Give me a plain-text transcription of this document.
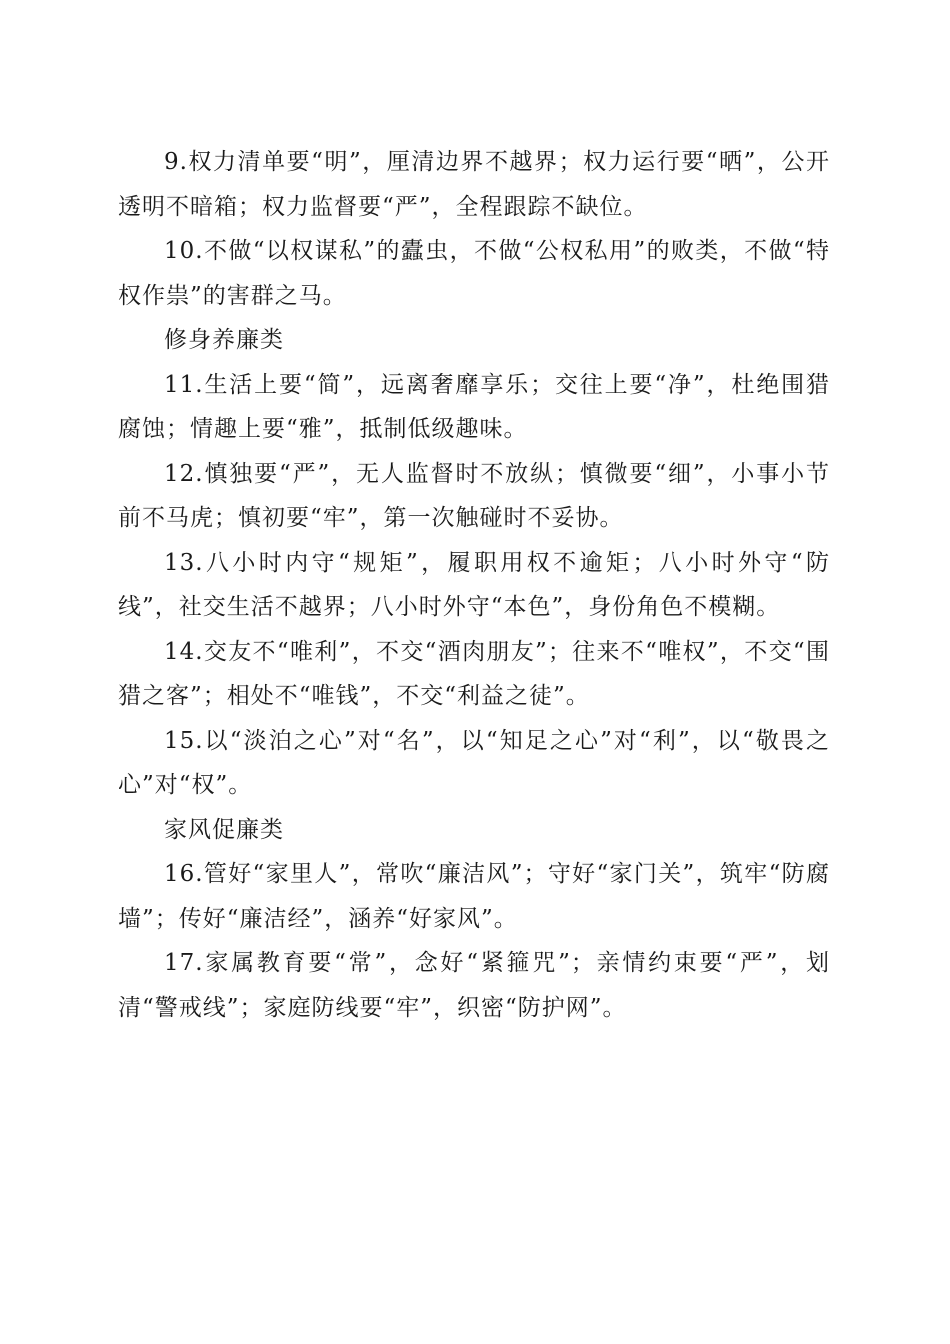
9.权力清单要“明”，厘清边界不越界；权力运行要“晒”，公开透明不暗箱；权力监督要“严”，全程跟踪不缺位。

10.不做“以权谋私”的蠹虫，不做“公权私用”的败类，不做“特权作祟”的害群之马。

修身养廉类

11.生活上要“简”，远离奢靡享乐；交往上要“净”，杜绝围猎腐蚀；情趣上要“雅”，抵制低级趣味。

12.慎独要“严”，无人监督时不放纵；慎微要“细”，小事小节前不马虎；慎初要“牢”，第一次触碰时不妥协。

13.八小时内守“规矩”，履职用权不逾矩；八小时外守“防线”，社交生活不越界；八小时外守“本色”，身份角色不模糊。

14.交友不“唯利”，不交“酒肉朋友”；往来不“唯权”，不交“围猎之客”；相处不“唯钱”，不交“利益之徒”。

15.以“淡泊之心”对“名”，以“知足之心”对“利”，以“敬畏之心”对“权”。

家风促廉类

16.管好“家里人”，常吹“廉洁风”；守好“家门关”，筑牢“防腐墙”；传好“廉洁经”，涵养“好家风”。

17.家属教育要“常”，念好“紧箍咒”；亲情约束要“严”，划清“警戒线”；家庭防线要“牢”，织密“防护网”。
